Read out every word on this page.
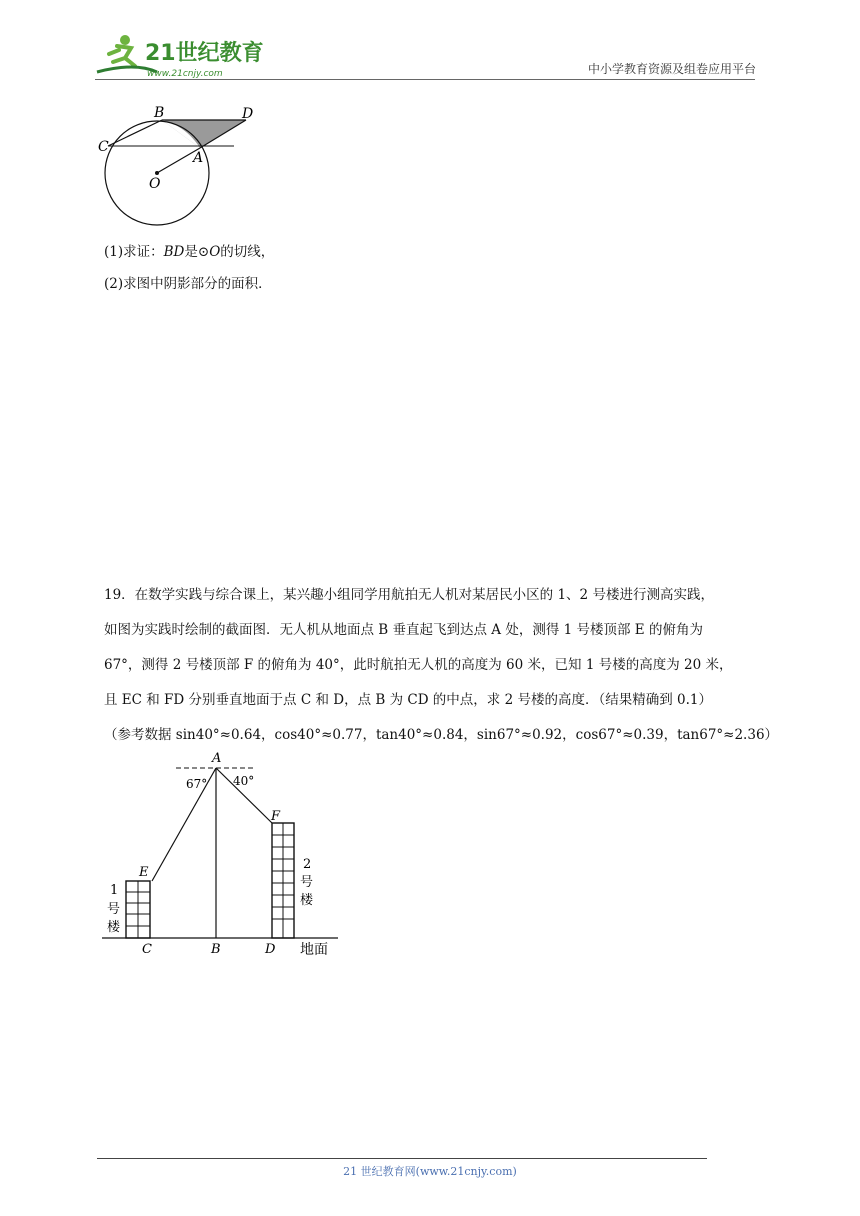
21世纪教育
www.21cnjy.com	中小学教育资源及组卷应用平台
B	D
C
A
O
(1)求证：BD是⊙O的切线，
(2)求图中阴影部分的面积．
19．在数学实践与综合课上，某兴趣小组同学用航拍无人机对某居民小区的 1、2 号楼进行测高实践，
如图为实践时绘制的截面图．无人机从地面点 B 垂直起飞到达点 A 处，测得 1 号楼顶部 E 的俯角为
67°，测得 2 号楼顶部 F 的俯角为 40°，此时航拍无人机的高度为 60 米，已知 1 号楼的高度为 20 米，
且 EC 和 FD 分别垂直地面于点 C 和 D，点 B 为 CD 的中点，求 2 号楼的高度．（结果精确到 0.1）
（参考数据 sin40°≈0.64，cos40°≈0.77，tan40°≈0.84，sin67°≈0.92，cos67°≈0.39，tan67°≈2.36）
A
67° 40°
E
F
C	B	D 地面
1
号
楼
2
号
楼
21 世纪教育网(www.21cnjy.com)
